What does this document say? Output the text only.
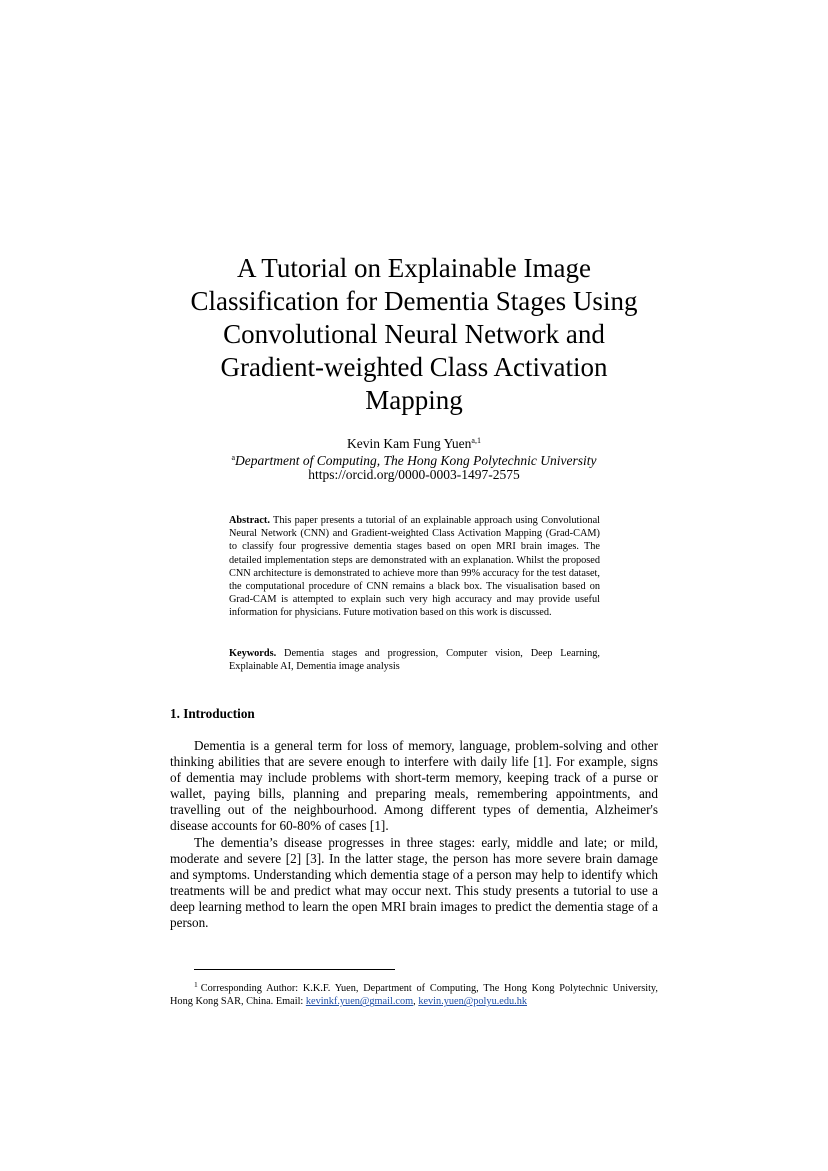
A Tutorial on Explainable Image
Classification for Dementia Stages Using
Convolutional Neural Network and
Gradient-weighted Class Activation
Mapping
Kevin Kam Fung Yuen$^{a,1}$
$^a$Department of Computing, The Hong Kong Polytechnic University
https://orcid.org/0000-0003-1497-2575
Abstract. This paper presents a tutorial of an explainable approach using Convolutional Neural Network (CNN) and Gradient-weighted Class Activation Mapping (Grad-CAM) to classify four progressive dementia stages based on open MRI brain images. The detailed implementation steps are demonstrated with an explanation. Whilst the proposed CNN architecture is demonstrated to achieve more than 99% accuracy for the test dataset, the computational procedure of CNN remains a black box. The visualisation based on Grad-CAM is attempted to explain such very high accuracy and may provide useful information for physicians. Future motivation based on this work is discussed.
Keywords. Dementia stages and progression, Computer vision, Deep Learning, Explainable AI, Dementia image analysis
1. Introduction

Dementia is a general term for loss of memory, language, problem-solving and other thinking abilities that are severe enough to interfere with daily life [1]. For example, signs of dementia may include problems with short-term memory, keeping track of a purse or wallet, paying bills, planning and preparing meals, remembering appointments, and travelling out of the neighbourhood. Among different types of dementia, Alzheimer's disease accounts for 60-80% of cases [1].

The dementia’s disease progresses in three stages: early, middle and late; or mild, moderate and severe [2] [3]. In the latter stage, the person has more severe brain damage and symptoms. Understanding which dementia stage of a person may help to identify which treatments will be and predict what may occur next. This study presents a tutorial to use a deep learning method to learn the open MRI brain images to predict the dementia stage of a person.

$^1$ Corresponding Author: K.K.F. Yuen, Department of Computing, The Hong Kong Polytechnic University, Hong Kong SAR, China. Email: kevinkf.yuen@gmail.com, kevin.yuen@polyu.edu.hk
